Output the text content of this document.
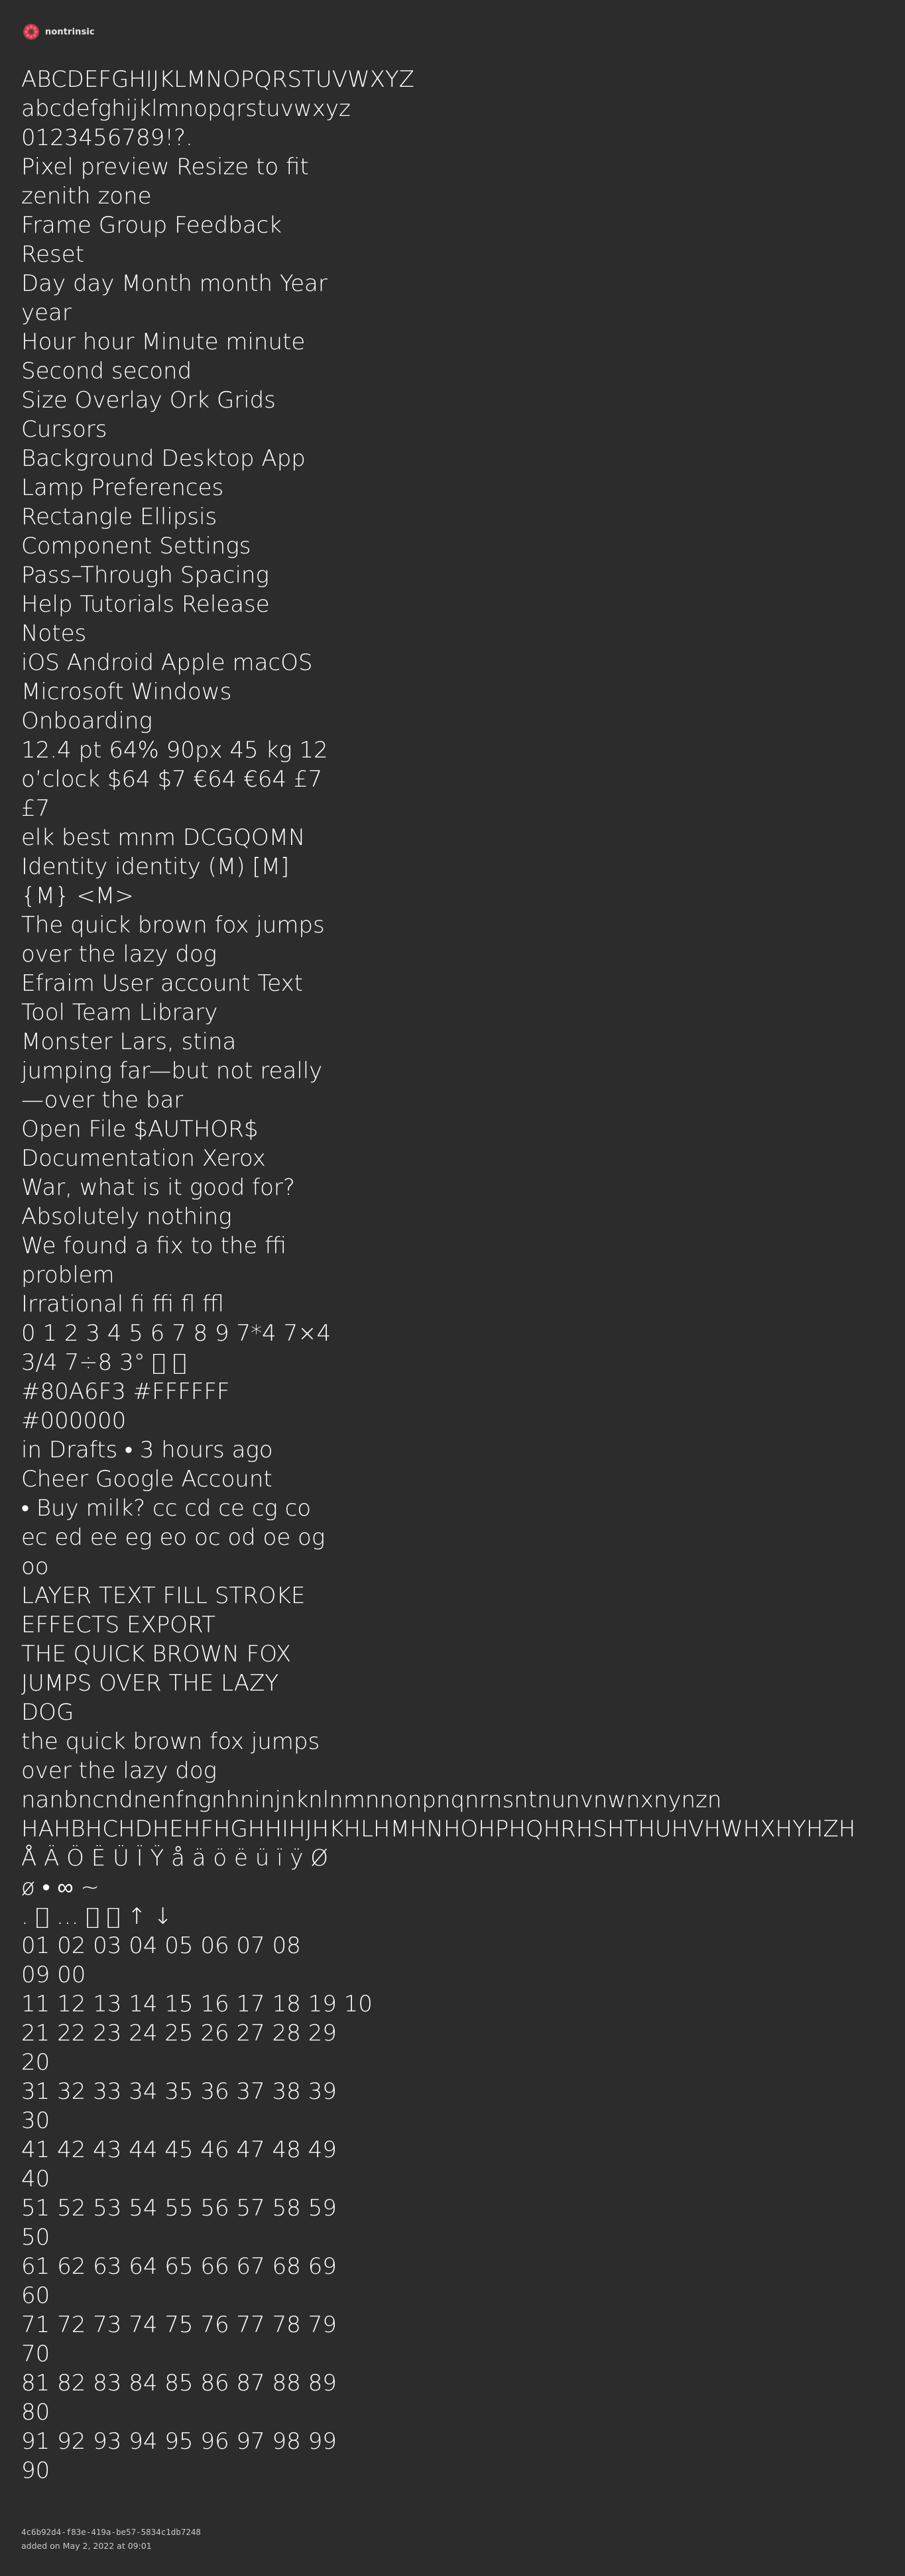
nontrinsic
ABCDEFGHIJKLMNOPQRSTUVWXYZ
abcdefghijklmnopqrstuvwxyz
0123456789!?.
Pixel preview Resize to fit
zenith zone
Frame Group Feedback
Reset
Day day Month month Year
year
Hour hour Minute minute
Second second
Size Overlay Ork Grids
Cursors
Background Desktop App
Lamp Preferences
Rectangle Ellipsis
Component Settings
Pass–Through Spacing
Help Tutorials Release
Notes
iOS Android Apple macOS
Microsoft Windows
Onboarding
12.4 pt 64% 90px 45 kg 12
o’clock $64 $7 €64 €64 £7
£7
elk best mnm DCGQOMN
Identity identity (M) [M]
{M} <M>
The quick brown fox jumps
over the lazy dog
Efraim User account Text
Tool Team Library
Monster Lars, stina
jumping far—but not really
—over the bar
Open File $AUTHOR$
Documentation Xerox
War, what is it good for?
Absolutely nothing
We found a fix to the ffi
problem
Irrational fi ffi fl ffl
0 1 2 3 4 5 6 7 8 9 7*4 7×4
3/4 7÷8 3° ￿ ￿
#80A6F3 #FFFFFF
#000000
in Drafts • 3 hours ago
Cheer Google Account
• Buy milk? cc cd ce cg co
ec ed ee eg eo oc od oe og
oo
LAYER TEXT FILL STROKE
EFFECTS EXPORT
THE QUICK BROWN FOX
JUMPS OVER THE LAZY
DOG
the quick brown fox jumps
over the lazy dog
nanbncndnenfngnhninjnknlnmnnonpnqnrnsntnunvnwnxnynzn
HAHBHCHDHEHFHGHHIHJHKHLHMHNHOHPHQHRHSHTHUHVHWHXHYHZH
Å Ä Ö Ë Ü Ï Ÿ å ä ö ë ü ï ÿ Ø
ø • ∞ ~
. ￿ … ￿ ￿ ↑ ↓
01 02 03 04 05 06 07 08
09 00
11 12 13 14 15 16 17 18 19 10
21 22 23 24 25 26 27 28 29
20
31 32 33 34 35 36 37 38 39
30
41 42 43 44 45 46 47 48 49
40
51 52 53 54 55 56 57 58 59
50
61 62 63 64 65 66 67 68 69
60
71 72 73 74 75 76 77 78 79
70
81 82 83 84 85 86 87 88 89
80
91 92 93 94 95 96 97 98 99
90
4c6b92d4-f83e-419a-be57-5834c1db7248
added on May 2, 2022 at 09:01
